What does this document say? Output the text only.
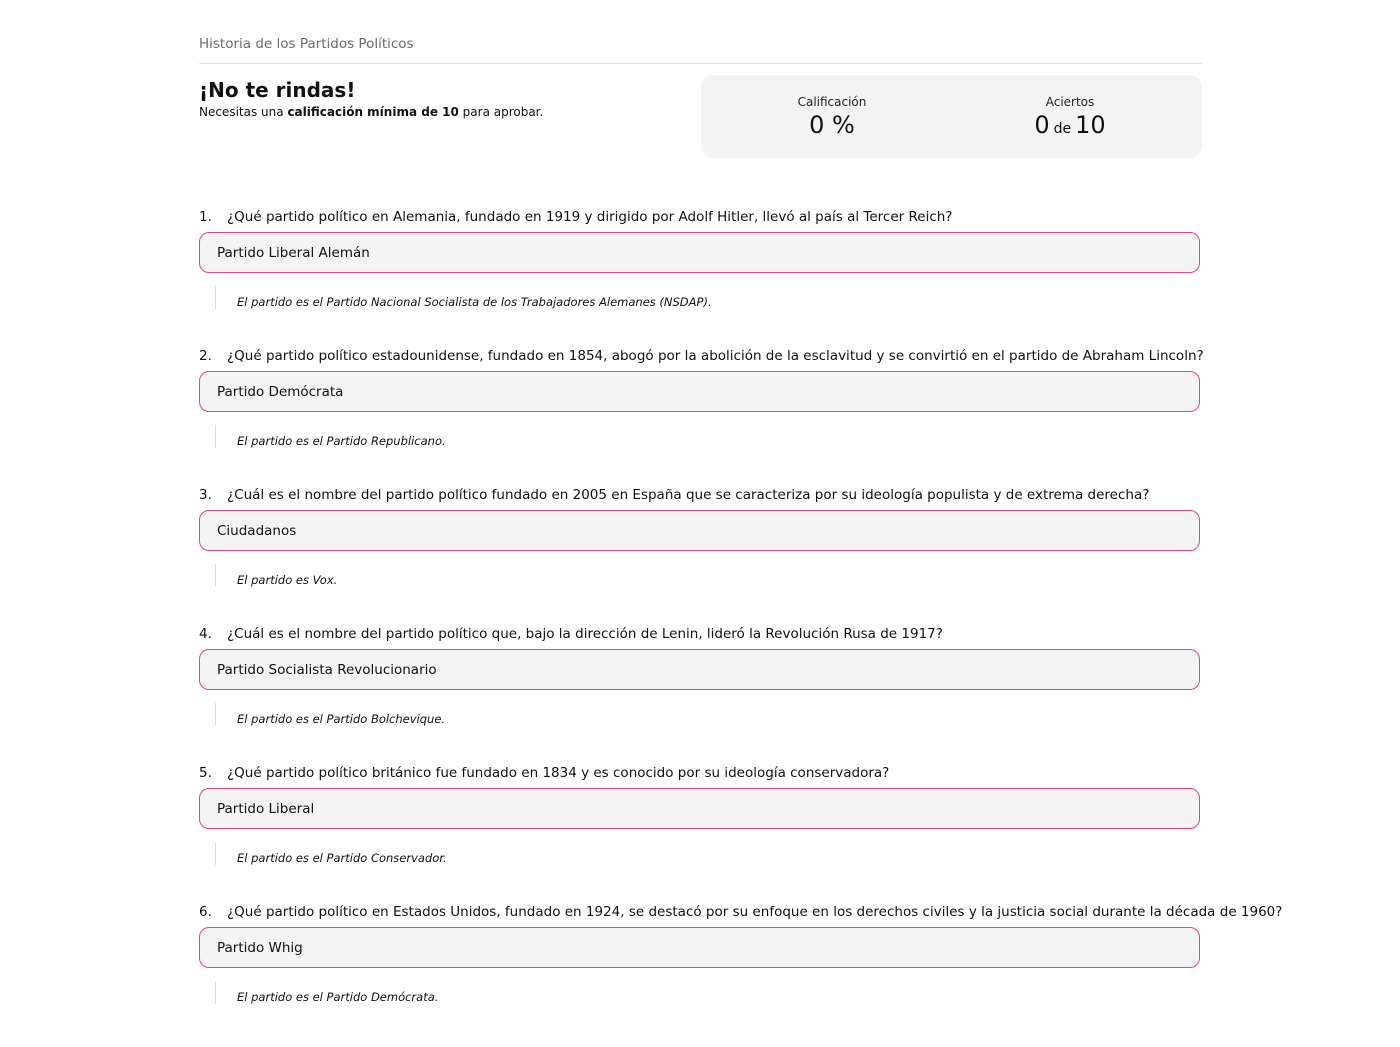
Historia de los Partidos Políticos
¡No te rindas!
Necesitas una calificación mínima de 10 para aprobar.
Calificación
0 %
Aciertos
0 de 10
1. ¿Qué partido político en Alemania, fundado en 1919 y dirigido por Adolf Hitler, llevó al país al Tercer Reich?
Partido Liberal Alemán
$_{El partido es el Partido Nacional Socialista de los Trabajadores Alemanes (NSDAP).}$
2. ¿Qué partido político estadounidense, fundado en 1854, abogó por la abolición de la esclavitud y se convirtió en el partido de Abraham Lincoln?
Partido Demócrata
$_{El partido es el Partido Republicano.}$
3. ¿Cuál es el nombre del partido político fundado en 2005 en España que se caracteriza por su ideología populista y de extrema derecha?
Ciudadanos
$_{El partido es Vox.}$
4. ¿Cuál es el nombre del partido político que, bajo la dirección de Lenin, lideró la Revolución Rusa de 1917?
Partido Socialista Revolucionario
$_{El partido es el Partido Bolchevique.}$
5. ¿Qué partido político británico fue fundado en 1834 y es conocido por su ideología conservadora?
Partido Liberal
$_{El partido es el Partido Conservador.}$
6. ¿Qué partido político en Estados Unidos, fundado en 1924, se destacó por su enfoque en los derechos civiles y la justicia social durante la década de 1960?
Partido Whig
$_{El partido es el Partido Demócrata.}$
